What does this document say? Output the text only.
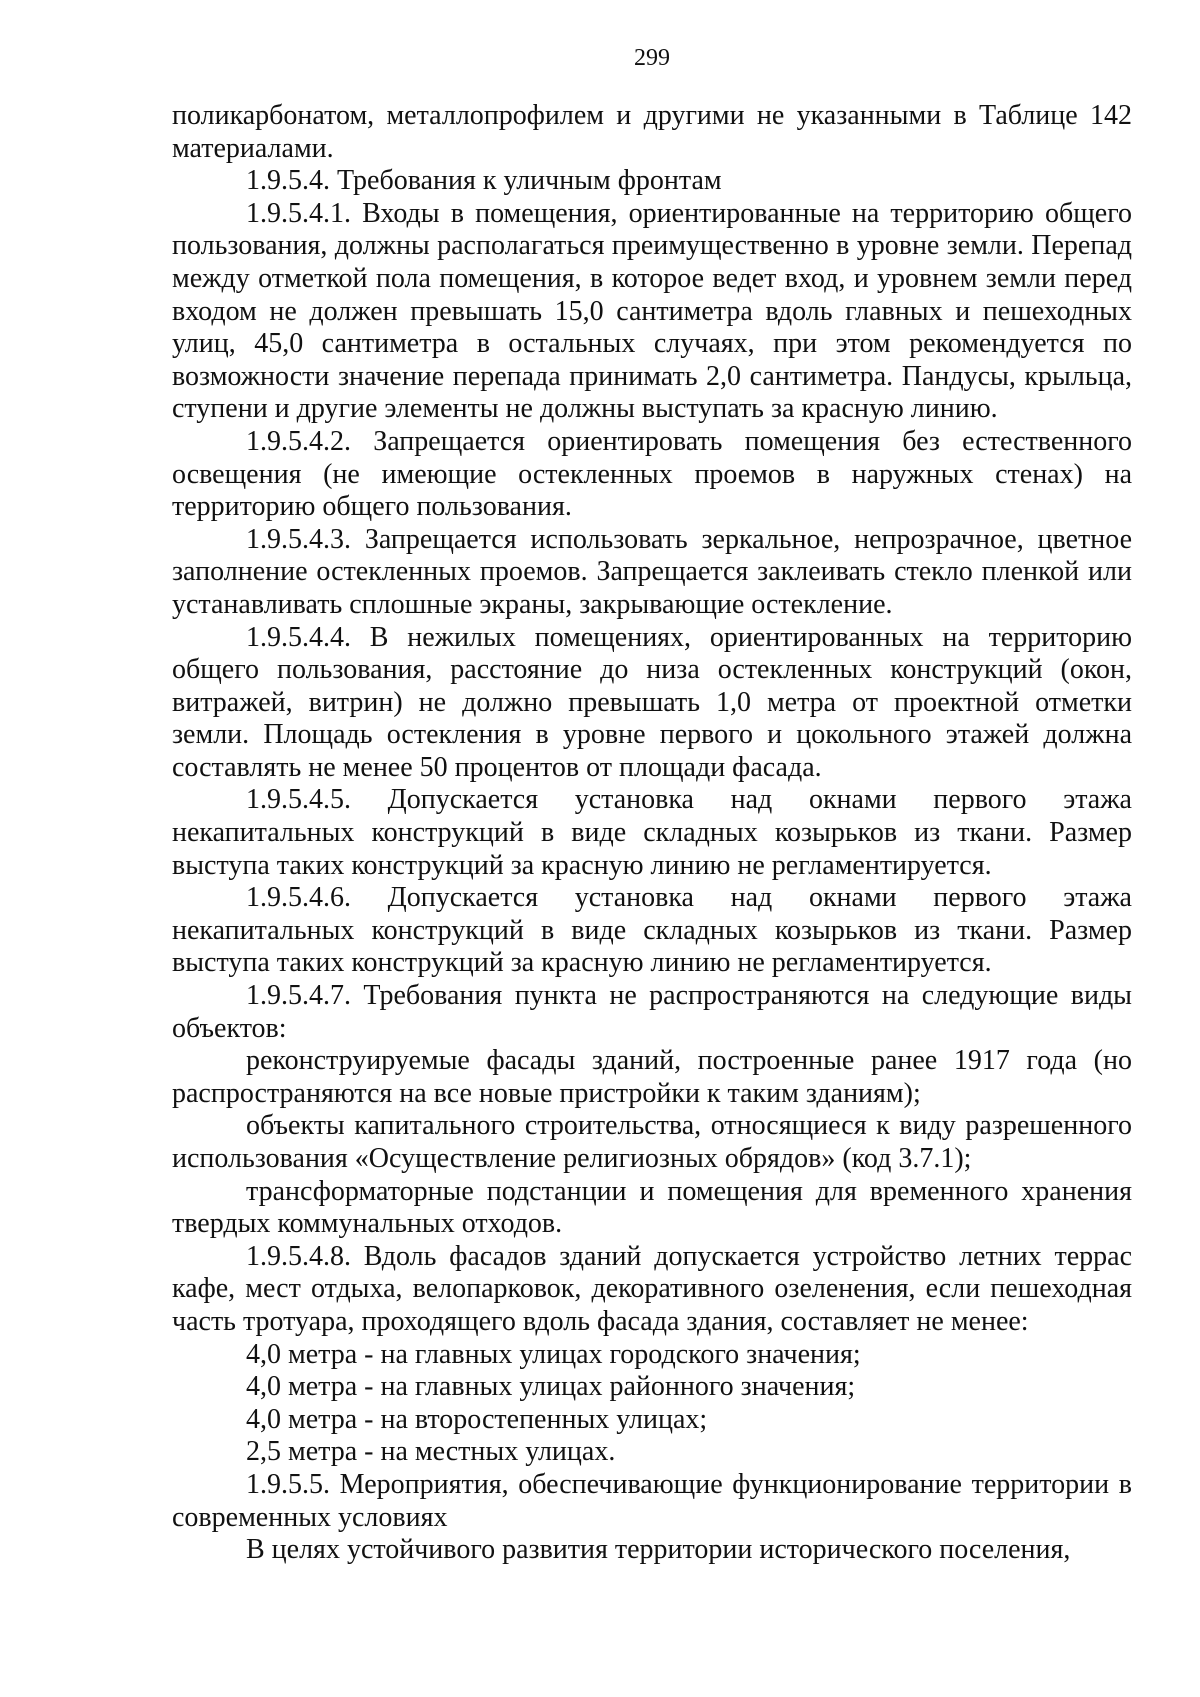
299

поликарбонатом, металлопрофилем и другими не указанными в Таблице 142 материалами.

1.9.5.4. Требования к уличным фронтам

1.9.5.4.1. Входы в помещения, ориентированные на территорию общего пользования, должны располагаться преимущественно в уровне земли. Перепад между отметкой пола помещения, в которое ведет вход, и уровнем земли перед входом не должен превышать 15,0 сантиметра вдоль главных и пешеходных улиц, 45,0 сантиметра в остальных случаях, при этом рекомендуется по возможности значение перепада принимать 2,0 сантиметра. Пандусы, крыльца, ступени и другие элементы не должны выступать за красную линию.

1.9.5.4.2. Запрещается ориентировать помещения без естественного освещения (не имеющие остекленных проемов в наружных стенах) на территорию общего пользования.

1.9.5.4.3. Запрещается использовать зеркальное, непрозрачное, цветное заполнение остекленных проемов. Запрещается заклеивать стекло пленкой или устанавливать сплошные экраны, закрывающие остекление.

1.9.5.4.4. В нежилых помещениях, ориентированных на территорию общего пользования, расстояние до низа остекленных конструкций (окон, витражей, витрин) не должно превышать 1,0 метра от проектной отметки земли. Площадь остекления в уровне первого и цокольного этажей должна составлять не менее 50 процентов от площади фасада.

1.9.5.4.5. Допускается установка над окнами первого этажа некапитальных конструкций в виде складных козырьков из ткани. Размер выступа таких конструкций за красную линию не регламентируется.

1.9.5.4.6. Допускается установка над окнами первого этажа некапитальных конструкций в виде складных козырьков из ткани. Размер выступа таких конструкций за красную линию не регламентируется.

1.9.5.4.7. Требования пункта не распространяются на следующие виды объектов:

реконструируемые фасады зданий, построенные ранее 1917 года (но распространяются на все новые пристройки к таким зданиям);

объекты капитального строительства, относящиеся к виду разрешенного использования «Осуществление религиозных обрядов» (код 3.7.1);

трансформаторные подстанции и помещения для временного хранения твердых коммунальных отходов.

1.9.5.4.8. Вдоль фасадов зданий допускается устройство летних террас кафе, мест отдыха, велопарковок, декоративного озеленения, если пешеходная часть тротуара, проходящего вдоль фасада здания, составляет не менее:

4,0 метра - на главных улицах городского значения;

4,0 метра - на главных улицах районного значения;

4,0 метра - на второстепенных улицах;

2,5 метра - на местных улицах.

1.9.5.5. Мероприятия, обеспечивающие функционирование территории в современных условиях

В целях устойчивого развития территории исторического поселения,
